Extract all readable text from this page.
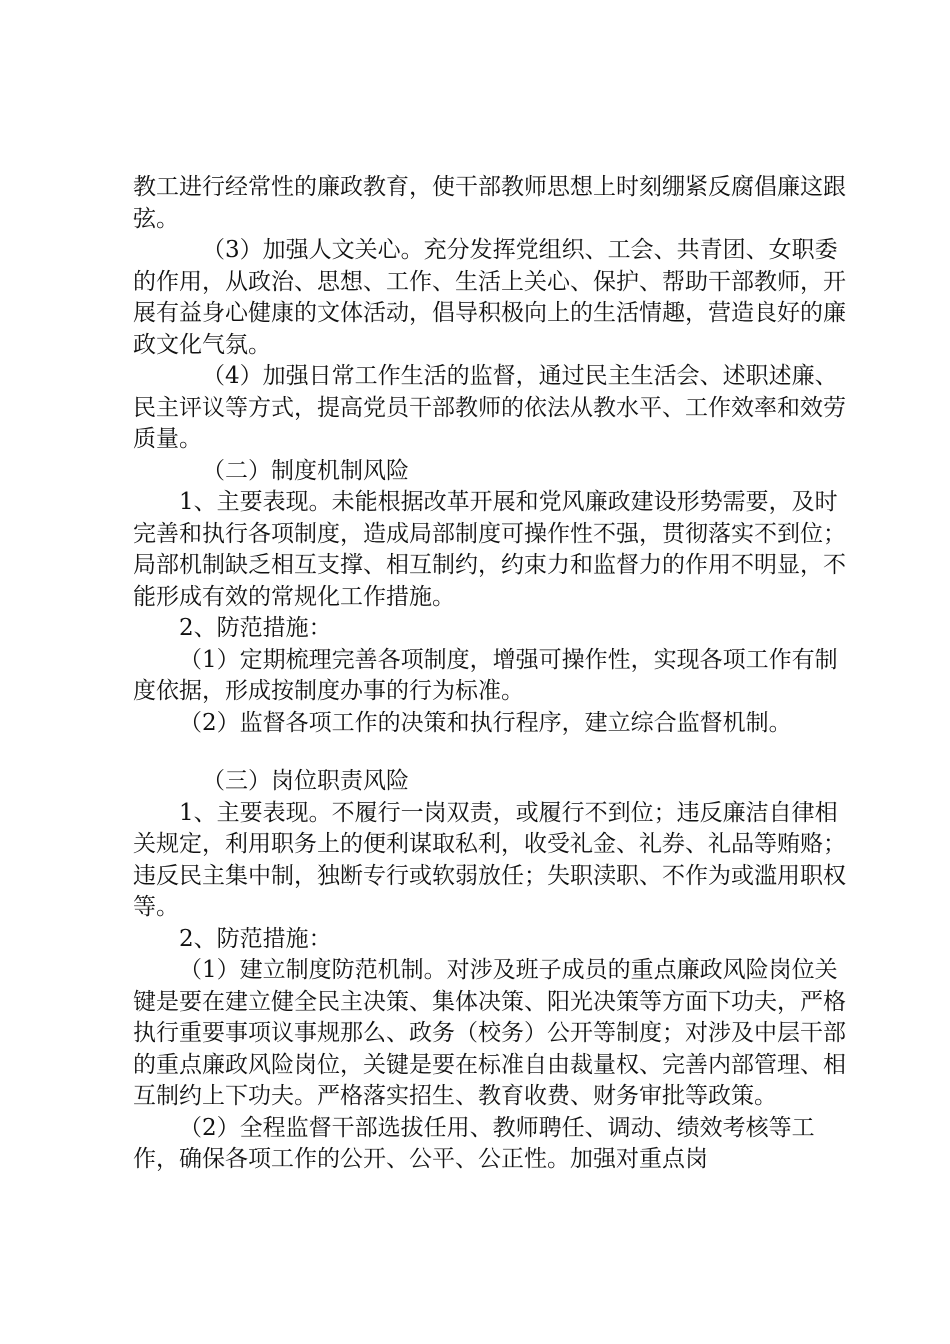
教工进行经常性的廉政教育，使干部教师思想上时刻绷紧反腐倡廉这跟弦。

（3）加强人文关心。充分发挥党组织、工会、共青团、女职委的作用，从政治、思想、工作、生活上关心、保护、帮助干部教师，开展有益身心健康的文体活动，倡导积极向上的生活情趣，营造良好的廉政文化气氛。

（4）加强日常工作生活的监督，通过民主生活会、述职述廉、民主评议等方式，提高党员干部教师的依法从教水平、工作效率和效劳质量。

（二）制度机制风险

1、主要表现。未能根据改革开展和党风廉政建设形势需要，及时完善和执行各项制度，造成局部制度可操作性不强，贯彻落实不到位；局部机制缺乏相互支撑、相互制约，约束力和监督力的作用不明显，不能形成有效的常规化工作措施。

2、防范措施：

（1）定期梳理完善各项制度，增强可操作性，实现各项工作有制度依据，形成按制度办事的行为标准。

（2）监督各项工作的决策和执行程序，建立综合监督机制。

（三）岗位职责风险

1、主要表现。不履行一岗双责，或履行不到位；违反廉洁自律相关规定，利用职务上的便利谋取私利，收受礼金、礼券、礼品等贿赂；违反民主集中制，独断专行或软弱放任；失职渎职、不作为或滥用职权等。

2、防范措施：

（1）建立制度防范机制。对涉及班子成员的重点廉政风险岗位关键是要在建立健全民主决策、集体决策、阳光决策等方面下功夫，严格执行重要事项议事规那么、政务（校务）公开等制度；对涉及中层干部的重点廉政风险岗位，关键是要在标准自由裁量权、完善内部管理、相互制约上下功夫。严格落实招生、教育收费、财务审批等政策。

（2）全程监督干部选拔任用、教师聘任、调动、绩效考核等工作，确保各项工作的公开、公平、公正性。加强对重点岗
